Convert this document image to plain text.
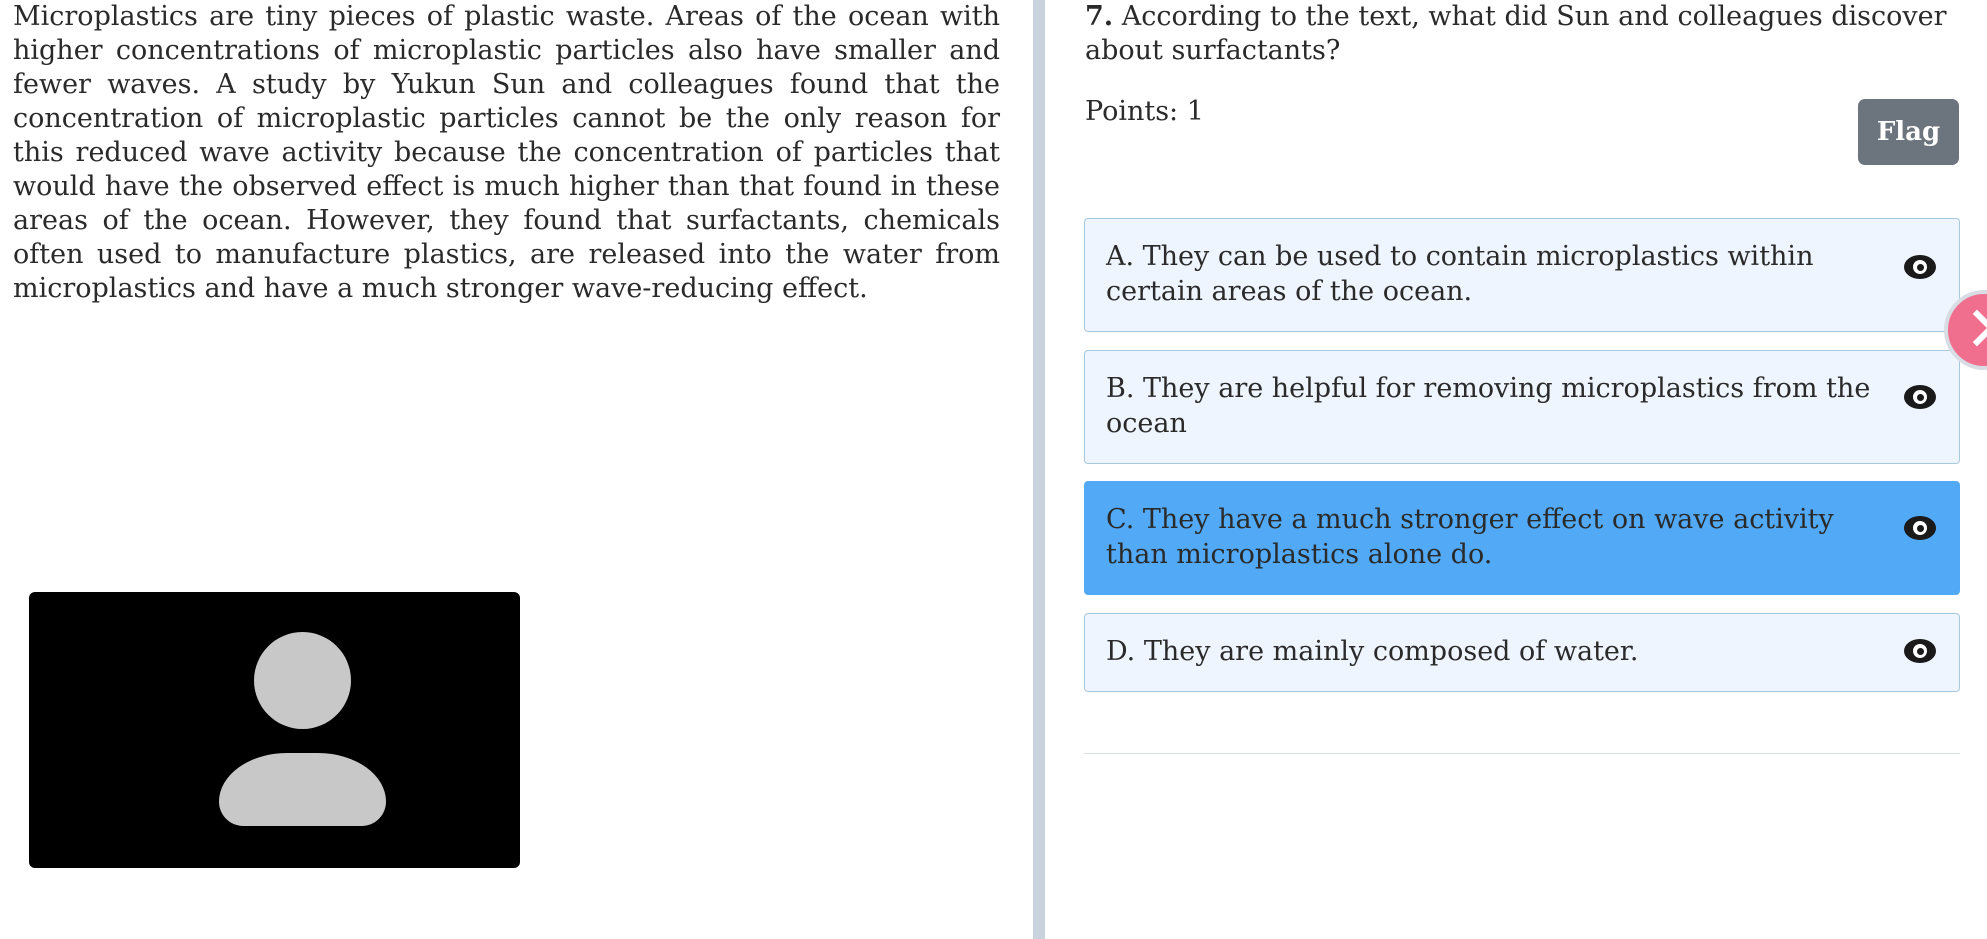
Microplastics are tiny pieces of plastic waste. Areas of the ocean with higher concentrations of microplastic particles also have smaller and fewer waves. A study by Yukun Sun and colleagues found that the concentration of microplastic particles cannot be the only reason for this reduced wave activity because the concentration of particles that would have the observed effect is much higher than that found in these areas of the ocean. However, they found that surfactants, chemicals often used to manufacture plastics, are released into the water from microplastics and have a much stronger wave-reducing effect.

7. According to the text, what did Sun and colleagues discover about surfactants?

Points: 1
Flag
A. They can be used to contain microplastics within certain areas of the ocean.
B. They are helpful for removing microplastics from the ocean
C. They have a much stronger effect on wave activity than microplastics alone do.
D. They are mainly composed of water.
